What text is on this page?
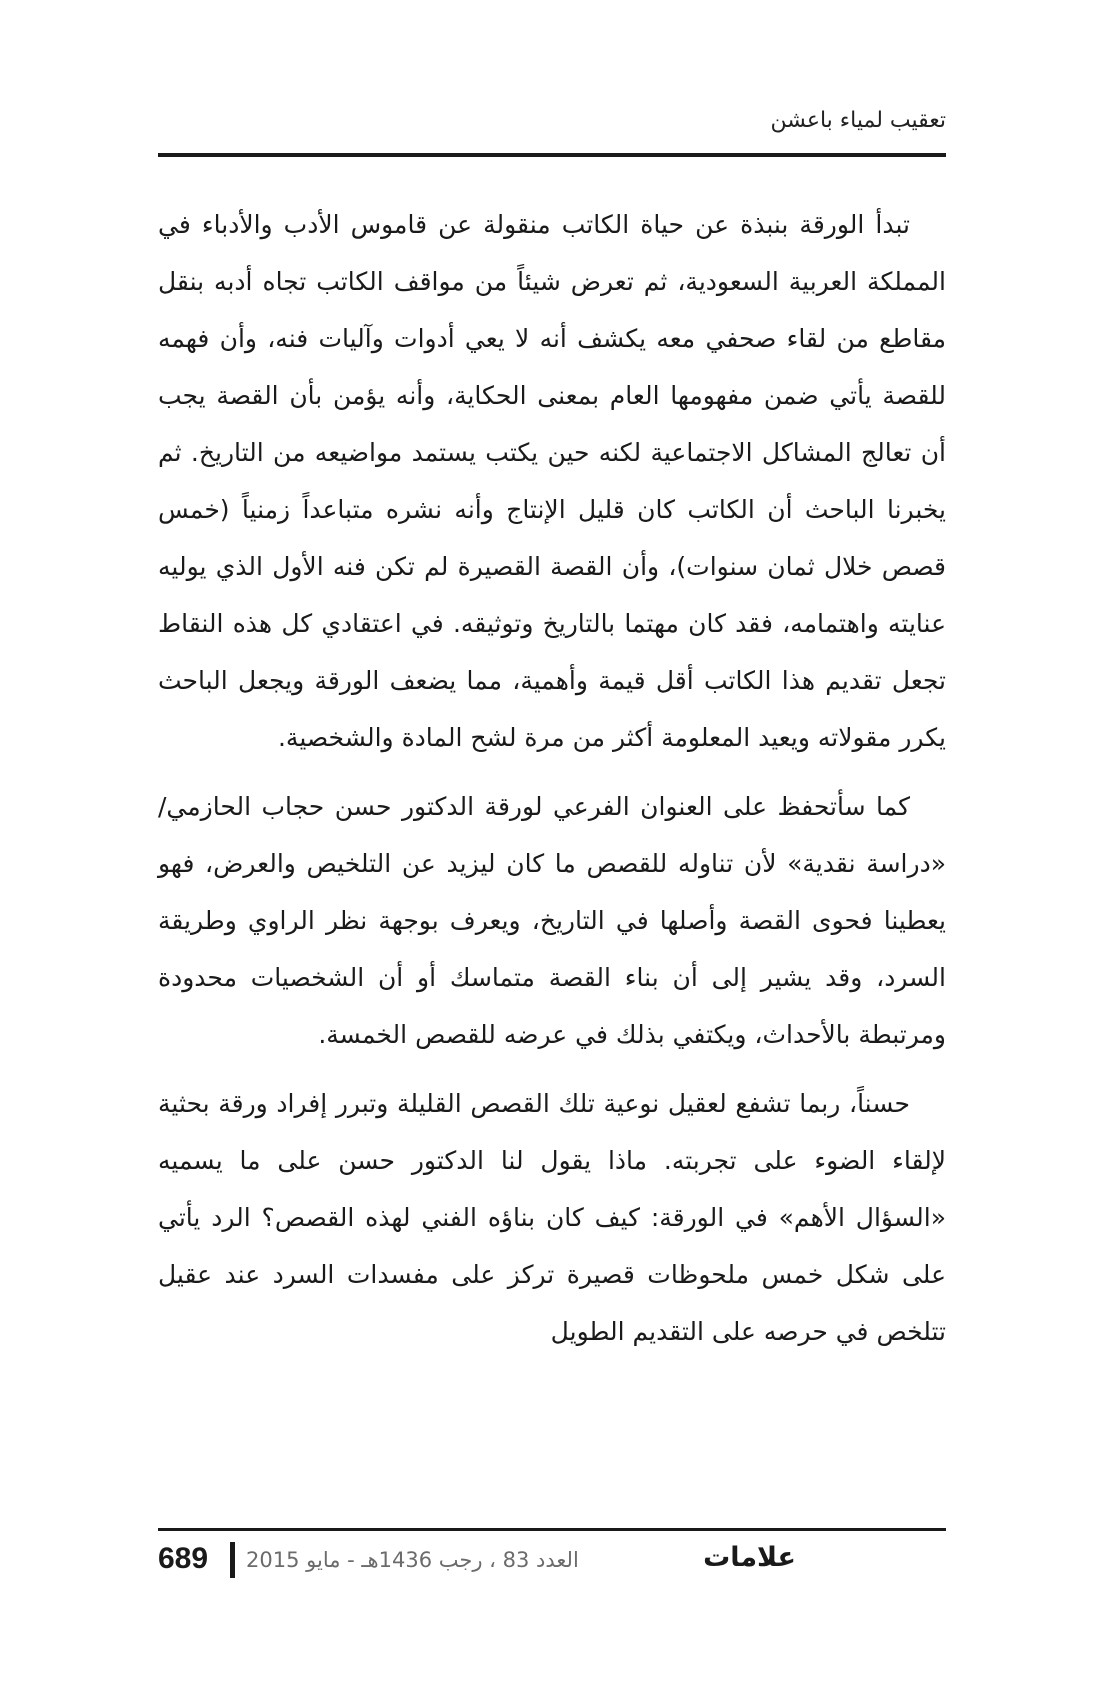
تعقيب لمياء باعشن

تبدأ الورقة بنبذة عن حياة الكاتب منقولة عن قاموس الأدب والأدباء في المملكة العربية السعودية، ثم تعرض شيئاً من مواقف الكاتب تجاه أدبه بنقل مقاطع من لقاء صحفي معه يكشف أنه لا يعي أدوات وآليات فنه، وأن فهمه للقصة يأتي ضمن مفهومها العام بمعنى الحكاية، وأنه يؤمن بأن القصة يجب أن تعالج المشاكل الاجتماعية لكنه حين يكتب يستمد مواضيعه من التاريخ. ثم يخبرنا الباحث أن الكاتب كان قليل الإنتاج وأنه نشره متباعداً زمنياً (خمس قصص خلال ثمان سنوات)، وأن القصة القصيرة لم تكن فنه الأول الذي يوليه عنايته واهتمامه، فقد كان مهتما بالتاريخ وتوثيقه. في اعتقادي كل هذه النقاط تجعل تقديم هذا الكاتب أقل قيمة وأهمية، مما يضعف الورقة ويجعل الباحث يكرر مقولاته ويعيد المعلومة أكثر من مرة لشح المادة والشخصية.

كما سأتحفظ على العنوان الفرعي لورقة الدكتور حسن حجاب الحازمي/ «دراسة نقدية» لأن تناوله للقصص ما كان ليزيد عن التلخيص والعرض، فهو يعطينا فحوى القصة وأصلها في التاريخ، ويعرف بوجهة نظر الراوي وطريقة السرد، وقد يشير إلى أن بناء القصة متماسك أو أن الشخصيات محدودة ومرتبطة بالأحداث، ويكتفي بذلك في عرضه للقصص الخمسة.

حسناً، ربما تشفع لعقيل نوعية تلك القصص القليلة وتبرر إفراد ورقة بحثية لإلقاء الضوء على تجربته. ماذا يقول لنا الدكتور حسن على ما يسميه «السؤال الأهم» في الورقة: كيف كان بناؤه الفني لهذه القصص؟ الرد يأتي على شكل خمس ملحوظات قصيرة تركز على مفسدات السرد عند عقيل تتلخص في حرصه على التقديم الطويل

689 العدد 83 ، رجب 1436هـ - مايو 2015	علامات
